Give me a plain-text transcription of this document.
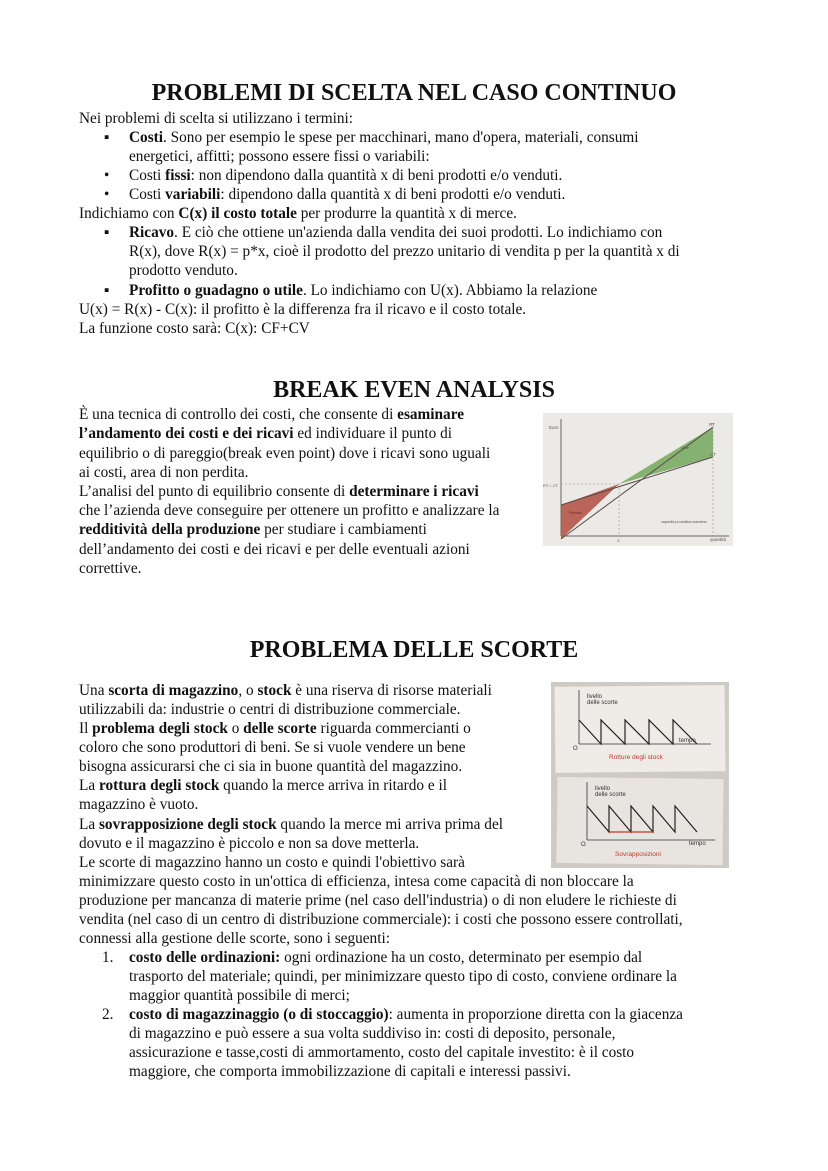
PROBLEMI DI SCELTA NEL CASO CONTINUO
Nei problemi di scelta si utilizzano i termini:
▪ Costi. Sono per esempio le spese per macchinari, mano d'opera, materiali, consumi
energetici, affitti; possono essere fissi o variabili:
• Costi fissi: non dipendono dalla quantità x di beni prodotti e/o venduti.
• Costi variabili: dipendono dalla quantità x di beni prodotti e/o venduti.
Indichiamo con C(x) il costo totale per produrre la quantità x di merce.
▪ Ricavo. E ciò che ottiene un'azienda dalla vendita dei suoi prodotti. Lo indichiamo con
R(x), dove R(x) = p*x, cioè il prodotto del prezzo unitario di vendita p per la quantità x di
prodotto venduto.
▪ Profitto o guadagno o utile. Lo indichiamo con U(x). Abbiamo la relazione
U(x) = R(x) - C(x): il profitto è la differenza fra il ricavo e il costo totale.
La funzione costo sarà: C(x): CF+CV
BREAK EVEN ANALYSIS
È una tecnica di controllo dei costi, che consente di esaminare
l’andamento dei costi e dei ricavi ed individuare il punto di
equilibrio o di pareggio(break even point) dove i ricavi sono uguali
ai costi, area di non perdita.
L’analisi del punto di equilibrio consente di determinare i ricavi
che l’azienda deve conseguire per ottenere un profitto e analizzare la
redditività della produzione per studiare i cambiamenti
dell’andamento dei costi e dei ricavi e per delle eventuali azioni
correttive.
Euro
quantità
RT
CT
RT = CT
Utile
Perdita
capacità produttiva massima
X
PROBLEMA DELLE SCORTE
Una scorta di magazzino, o stock è una riserva di risorse materiali
utilizzabili da: industrie o centri di distribuzione commerciale.
Il problema degli stock o delle scorte riguarda commercianti o
coloro che sono produttori di beni. Se si vuole vendere un bene
bisogna assicurarsi che ci sia in buone quantità del magazzino.
La rottura degli stock quando la merce arriva in ritardo e il
magazzino è vuoto.
La sovrapposizione degli stock quando la merce mi arriva prima del
dovuto e il magazzino è piccolo e non sa dove metterla.
Le scorte di magazzino hanno un costo e quindi l'obiettivo sarà
minimizzare questo costo in un'ottica di efficienza, intesa come capacità di non bloccare la
produzione per mancanza di materie prime (nel caso dell'industria) o di non eludere le richieste di
vendita (nel caso di un centro di distribuzione commerciale): i costi che possono essere controllati,
connessi alla gestione delle scorte, sono i seguenti:
1. costo delle ordinazioni: ogni ordinazione ha un costo, determinato per esempio dal
trasporto del materiale; quindi, per minimizzare questo tipo di costo, conviene ordinare la
maggior quantità possibile di merci;
2. costo di magazzinaggio (o di stoccaggio): aumenta in proporzione diretta con la giacenza
di magazzino e può essere a sua volta suddiviso in: costi di deposito, personale,
assicurazione e tasse,costi di ammortamento, costo del capitale investito: è il costo
maggiore, che comporta immobilizzazione di capitali e interessi passivi.
livello
delle scorte
O
tempo
Rotture degli stock
livello
delle scorte
O	tempo
Sovrapposizioni
